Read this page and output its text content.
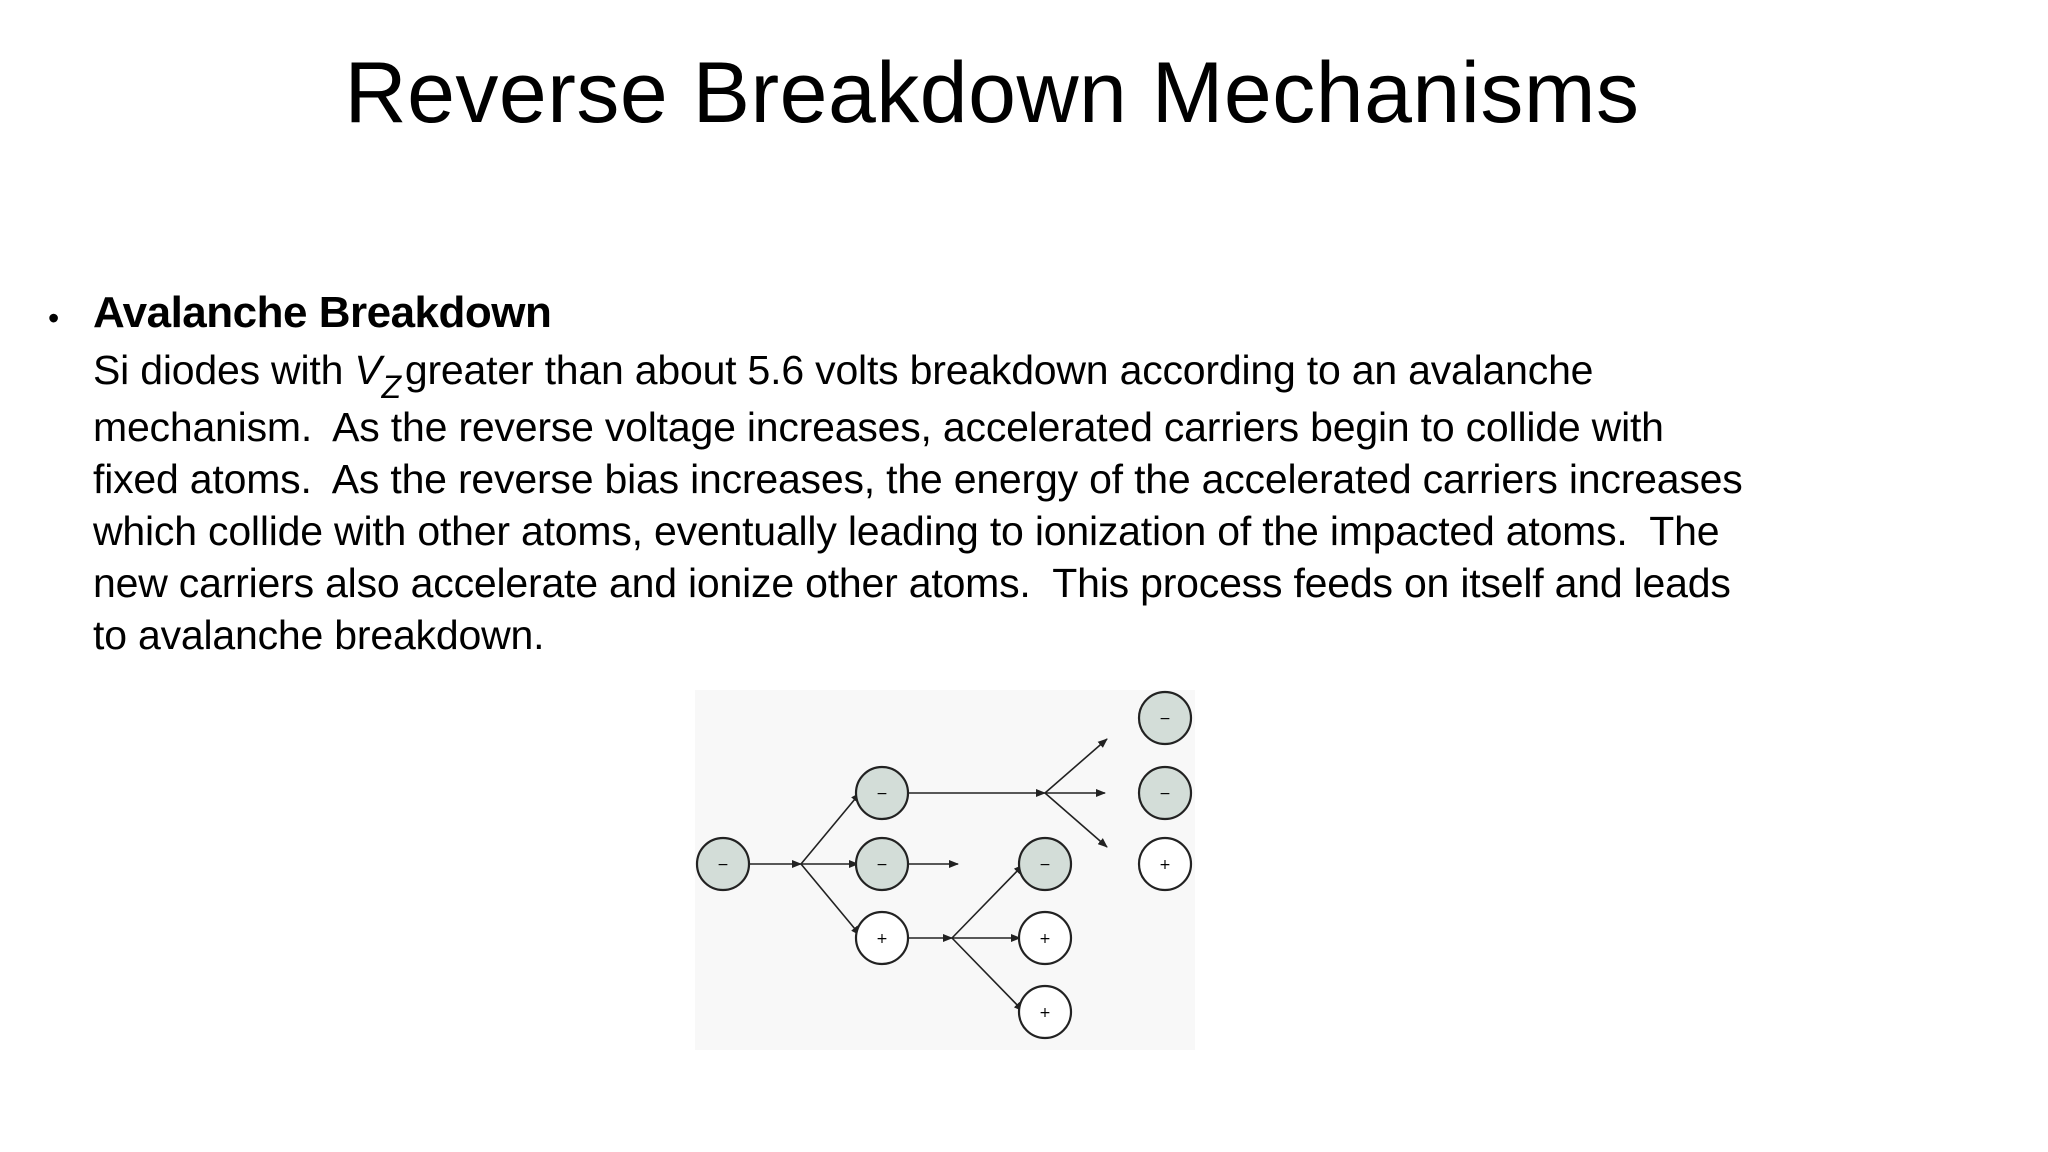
Reverse Breakdown Mechanisms
• Avalanche Breakdown
Si diodes with $V_Zgreater$ than about 5.6 volts breakdown according to an avalanche
mechanism.  As the reverse voltage increases, accelerated carriers begin to collide with
fixed atoms.  As the reverse bias increases, the energy of the accelerated carriers increases
which collide with other atoms, eventually leading to ionization of the impacted atoms.  The
new carriers also accelerate and ionize other atoms.  This process feeds on itself and leads
to avalanche breakdown.
−
−
−
+
−
+
+
−
−
+
